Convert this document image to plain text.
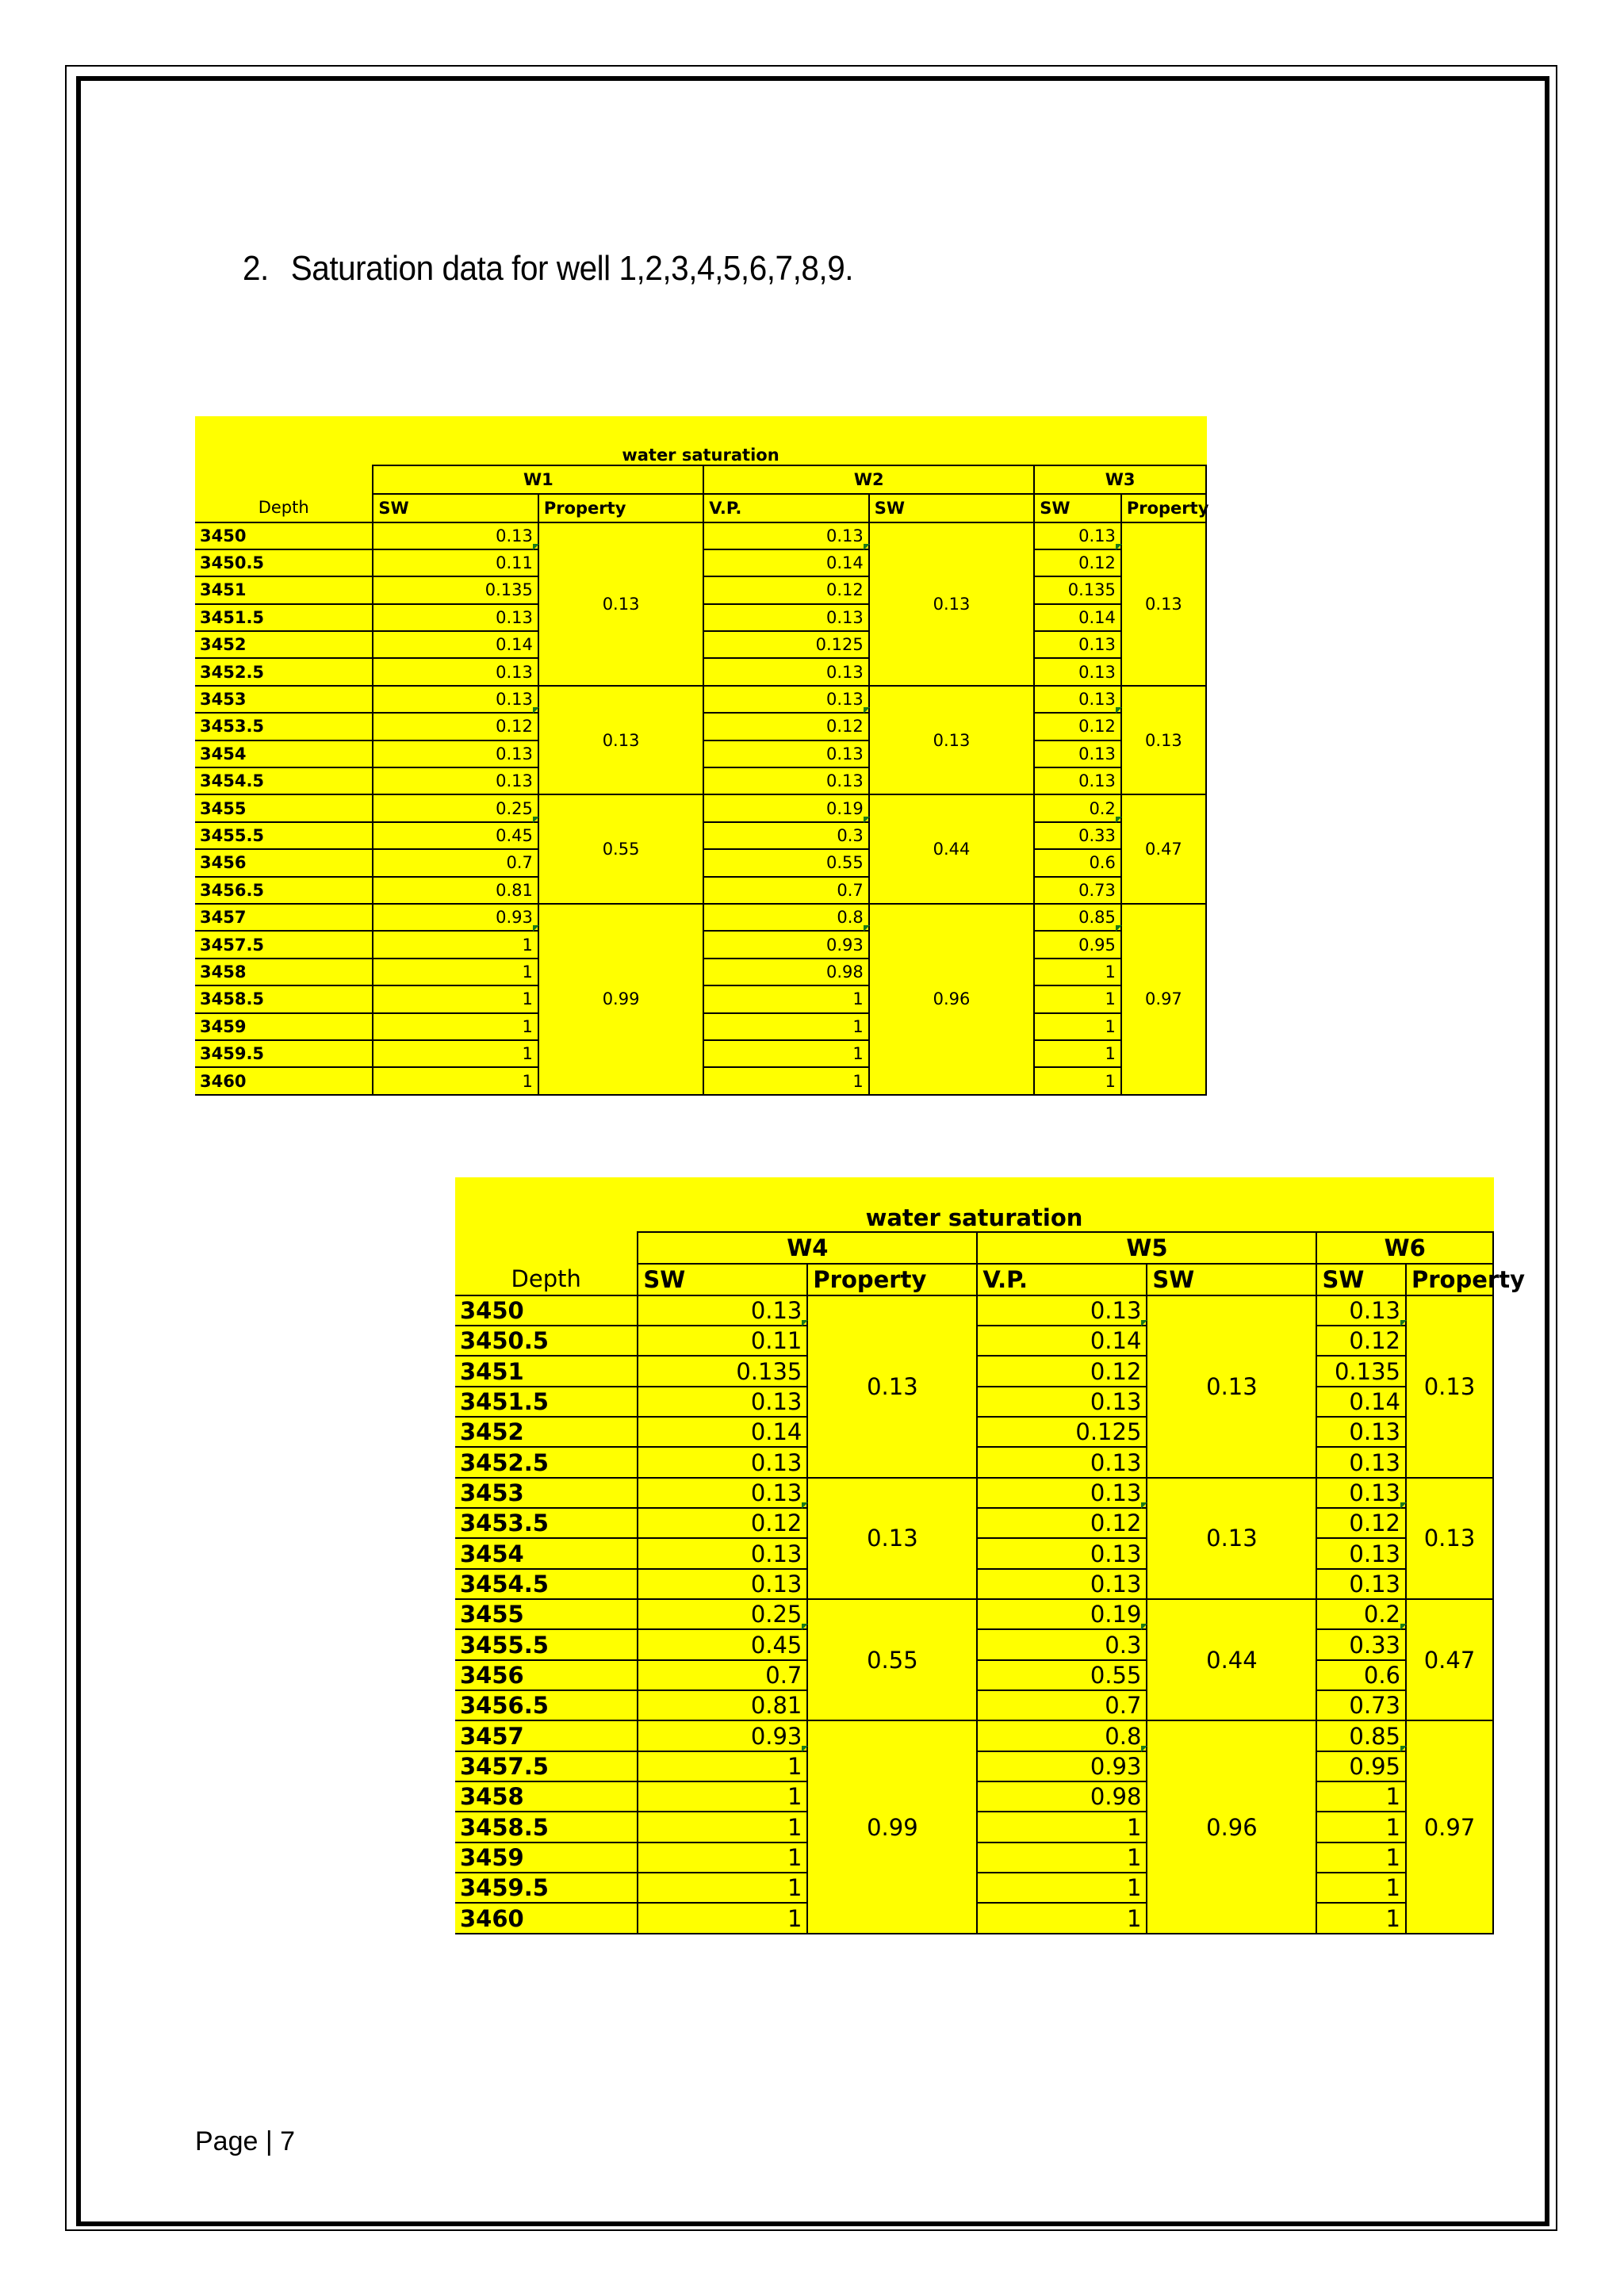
2. Saturation data for well 1,2,3,4,5,6,7,8,9.
water saturation						
	W1		W2		W3	
Depth	SW	Property	V.P.	SW	SW	Property
3450	0.13	0.13	0.13	0.13	0.13	0.13
3450.5	0.11		0.14		0.12	
3451	0.135		0.12		0.135	
3451.5	0.13		0.13		0.14	
3452	0.14		0.125		0.13	
3452.5	0.13		0.13		0.13	
3453	0.13	0.13	0.13	0.13	0.13	0.13
3453.5	0.12		0.12		0.12	
3454	0.13		0.13		0.13	
3454.5	0.13		0.13		0.13	
3455	0.25	0.55	0.19	0.44	0.2	0.47
3455.5	0.45		0.3		0.33	
3456	0.7		0.55		0.6	
3456.5	0.81		0.7		0.73	
3457	0.93	0.99	0.8	0.96	0.85	0.97
3457.5	1		0.93		0.95	
3458	1		0.98		1	
3458.5	1		1		1	
3459	1		1		1	
3459.5	1		1		1	
3460	1		1		1	
water saturation						
	W4		W5		W6	
Depth	SW	Property	V.P.	SW	SW	Property
3450	0.13	0.13	0.13	0.13	0.13	0.13
3450.5	0.11		0.14		0.12	
3451	0.135		0.12		0.135	
3451.5	0.13		0.13		0.14	
3452	0.14		0.125		0.13	
3452.5	0.13		0.13		0.13	
3453	0.13	0.13	0.13	0.13	0.13	0.13
3453.5	0.12		0.12		0.12	
3454	0.13		0.13		0.13	
3454.5	0.13		0.13		0.13	
3455	0.25	0.55	0.19	0.44	0.2	0.47
3455.5	0.45		0.3		0.33	
3456	0.7		0.55		0.6	
3456.5	0.81		0.7		0.73	
3457	0.93	0.99	0.8	0.96	0.85	0.97
3457.5	1		0.93		0.95	
3458	1		0.98		1	
3458.5	1		1		1	
3459	1		1		1	
3459.5	1		1		1	
3460	1		1		1	
Page | 7
